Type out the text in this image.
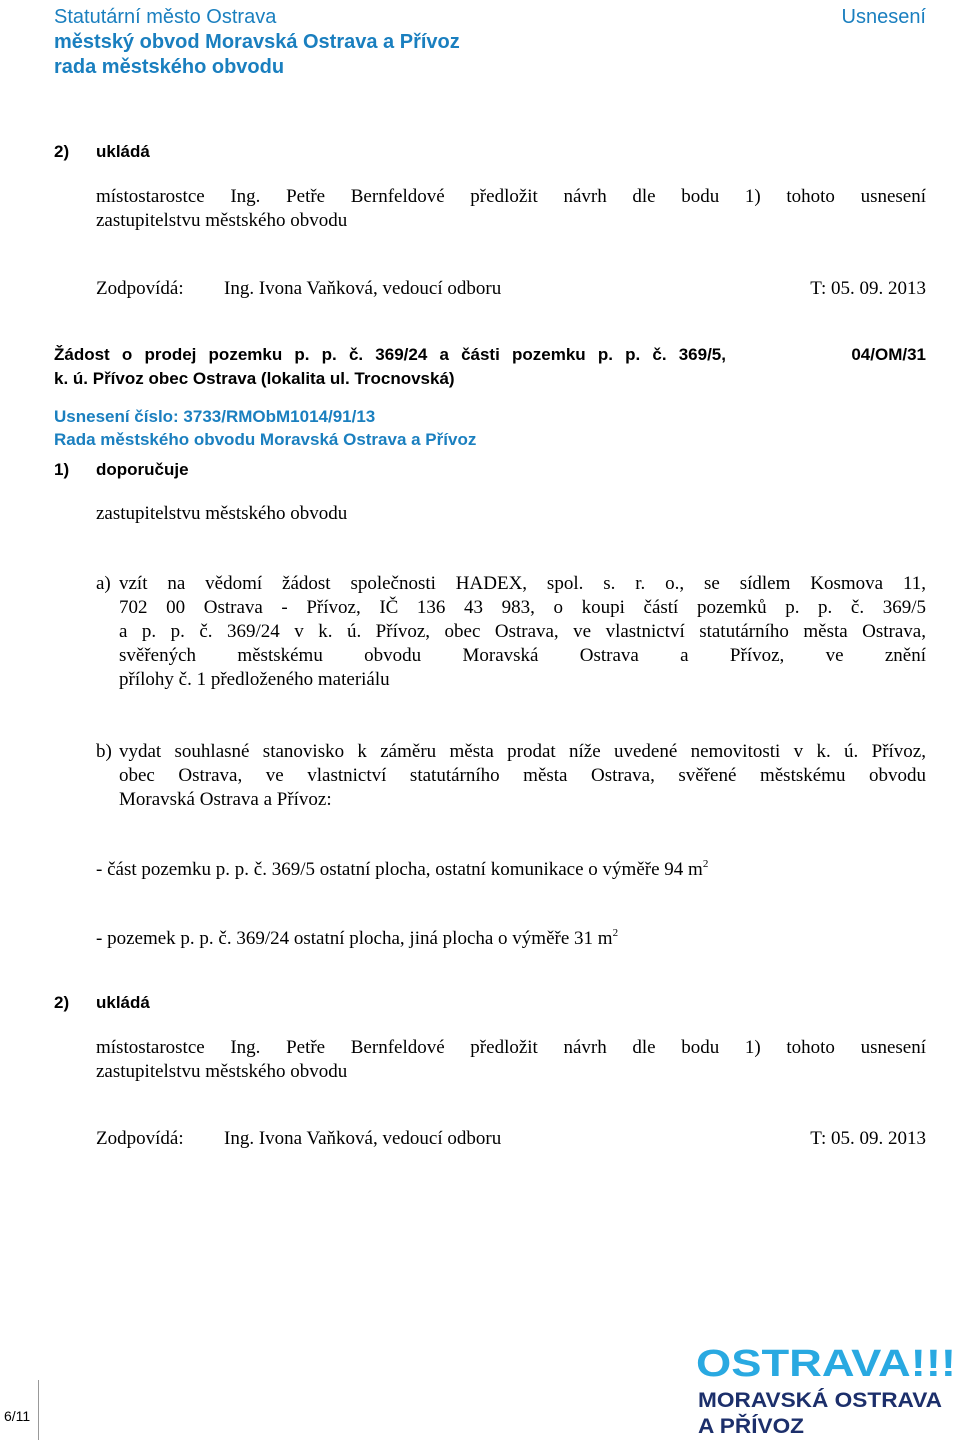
Statutární město Ostrava
městský obvod Moravská Ostrava a Přívoz
rada městského obvodu
Usnesení
2) ukládá
místostarostce Ing. Petře Bernfeldové předložit návrh dle bodu 1) tohoto usnesení
zastupitelstvu městského obvodu
Zodpovídá: Ing. Ivona Vaňková, vedoucí odboru	T: 05. 09. 2013
Žádost o prodej pozemku p. p. č. 369/24 a části pozemku p. p. č. 369/5,	04/OM/31
k. ú. Přívoz obec Ostrava (lokalita ul. Trocnovská)
Usnesení číslo: 3733/RMObM1014/91/13
Rada městského obvodu Moravská Ostrava a Přívoz
1) doporučuje
zastupitelstvu městského obvodu
a) vzít na vědomí žádost společnosti HADEX, spol. s. r. o., se sídlem Kosmova 11,
702 00 Ostrava - Přívoz, IČ 136 43 983, o koupi částí pozemků p. p. č. 369/5
a p. p. č. 369/24 v k. ú. Přívoz, obec Ostrava, ve vlastnictví statutárního města Ostrava,
svěřených městskému obvodu Moravská Ostrava a Přívoz, ve znění
přílohy č. 1 předloženého materiálu
b) vydat souhlasné stanovisko k záměru města prodat níže uvedené nemovitosti v k. ú. Přívoz,
obec Ostrava, ve vlastnictví statutárního města Ostrava, svěřené městskému obvodu
Moravská Ostrava a Přívoz:
- část pozemku p. p. č. 369/5 ostatní plocha, ostatní komunikace o výměře 94 $m^2$
- pozemek p. p. č. 369/24 ostatní plocha, jiná plocha o výměře 31 $m^2$
2) ukládá
místostarostce Ing. Petře Bernfeldové předložit návrh dle bodu 1) tohoto usnesení
zastupitelstvu městského obvodu
Zodpovídá: Ing. Ivona Vaňková, vedoucí odboru	T: 05. 09. 2013
6/11
OSTRAVA!!!
MORAVSKÁ OSTRAVA
A PŘÍVOZ
